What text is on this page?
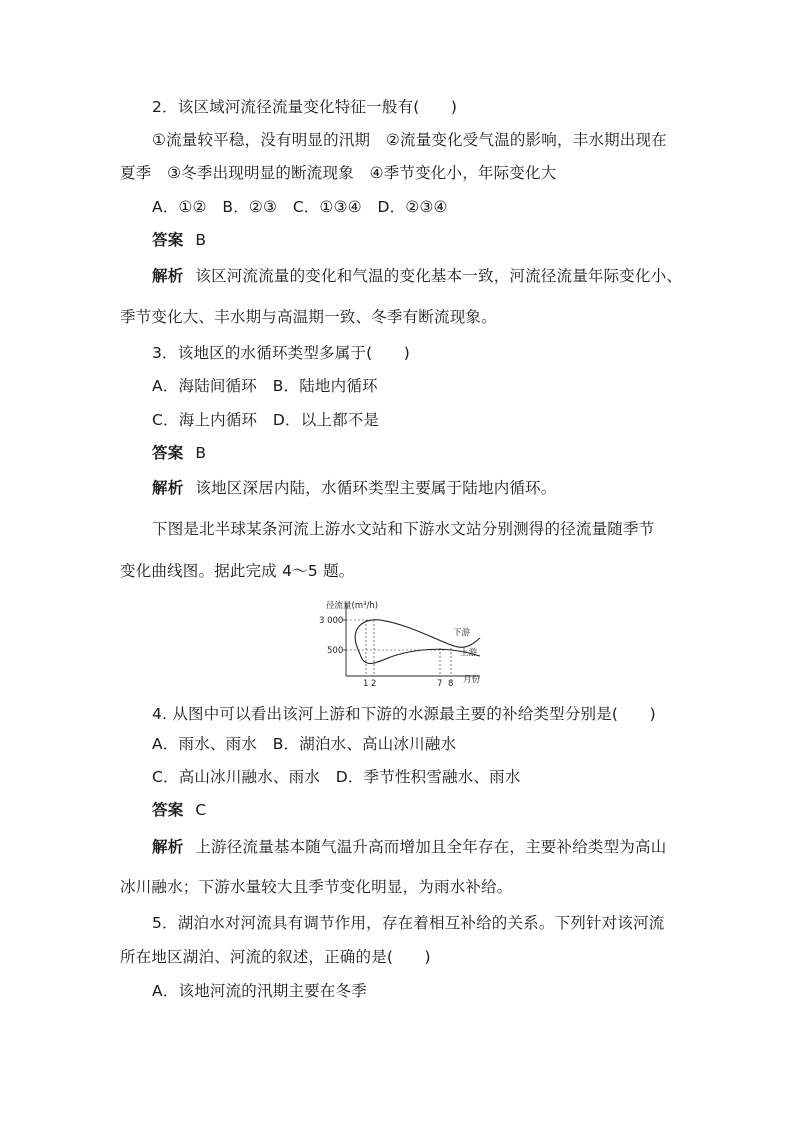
2．该区域河流径流量变化特征一般有(　　)
①流量较平稳，没有明显的汛期　②流量变化受气温的影响，丰水期出现在
夏季　③冬季出现明显的断流现象　④季节变化小，年际变化大
A．①②　B．②③　C．①③④　D．②③④
答案 B
解析 该区河流流量的变化和气温的变化基本一致，河流径流量年际变化小、
季节变化大、丰水期与高温期一致、冬季有断流现象。
3．该地区的水循环类型多属于(　　)
A．海陆间循环　B．陆地内循环
C．海上内循环　D．以上都不是
答案 B
解析 该地区深居内陆，水循环类型主要属于陆地内循环。
下图是北半球某条河流上游水文站和下游水文站分别测得的径流量随季节
变化曲线图。据此完成 4～5 题。
径流量(m³/h)
3 000
500
下游
上游
1 2	7 8 月份
4. 从图中可以看出该河上游和下游的水源最主要的补给类型分别是(　　)
A．雨水、雨水　B．湖泊水、高山冰川融水
C．高山冰川融水、雨水　D．季节性积雪融水、雨水
答案 C
解析 上游径流量基本随气温升高而增加且全年存在，主要补给类型为高山
冰川融水；下游水量较大且季节变化明显，为雨水补给。
5．湖泊水对河流具有调节作用，存在着相互补给的关系。下列针对该河流
所在地区湖泊、河流的叙述，正确的是(　　)
A．该地河流的汛期主要在冬季
